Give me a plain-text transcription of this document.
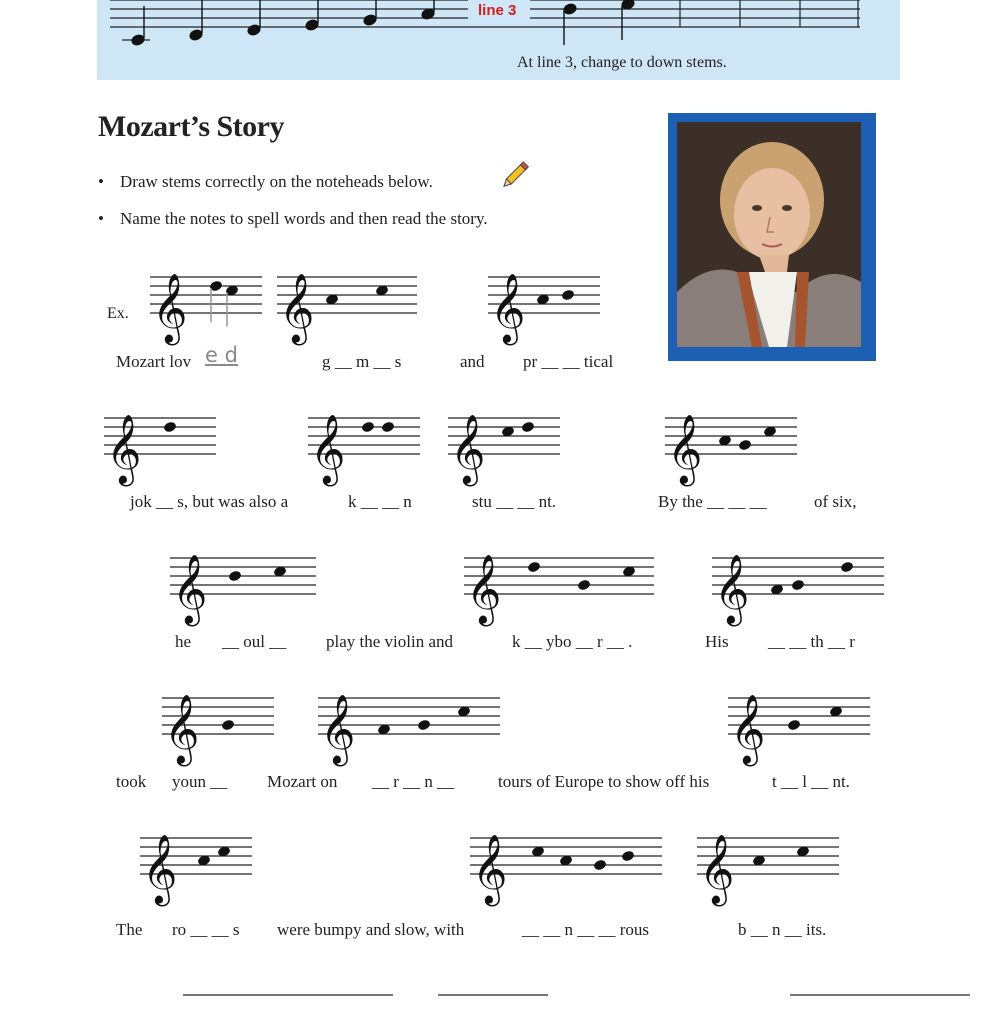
line 3
At line 3, change to down stems.
Mozart’s Story
• Draw stems correctly on the noteheads below.
• Name the notes to spell words and then read the story.
𝄞 𝄞	𝄞
𝄞	𝄞 𝄞	𝄞
𝄞	𝄞	𝄞
𝄞 𝄞	𝄞
𝄞	𝄞	𝄞
Mozart lov e d	g __ m __ s	and pr __ __ tical
jok __ s, but was also a	k __ __ n	stu __ __ nt.	By the __ __ __	of six,
he __ oul __ play the violin and	k __ ybo __ r __ .	His __ __ th __ r
took youn __ Mozart on __ r __ n __	tours of Europe to show off his	t __ l __ nt.
The ro __ __ s were bumpy and slow, with	__ __ n __ __ rous	b __ n __ its.
Ex.
